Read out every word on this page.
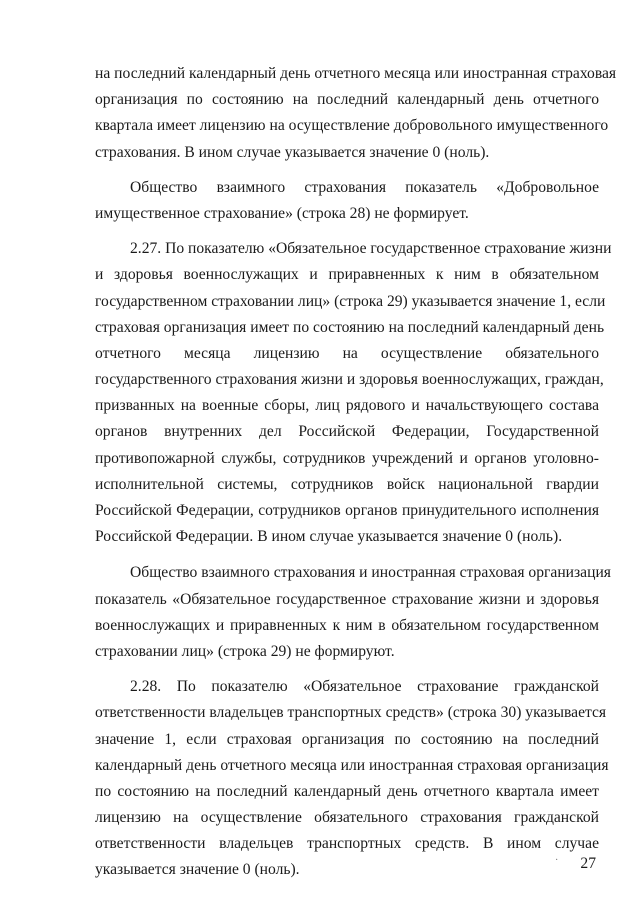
на последний календарный день отчетного месяца или иностранная страховая
организация по состоянию на последний календарный день отчетного
квартала имеет лицензию на осуществление добровольного имущественного
страхования. В ином случае указывается значение 0 (ноль).
Общество взаимного страхования показатель «Добровольное
имущественное страхование» (строка 28) не формирует.
2.27. По показателю «Обязательное государственное страхование жизни
и здоровья военнослужащих и приравненных к ним в обязательном
государственном страховании лиц» (строка 29) указывается значение 1, если
страховая организация имеет по состоянию на последний календарный день
отчетного месяца лицензию на осуществление обязательного
государственного страхования жизни и здоровья военнослужащих, граждан,
призванных на военные сборы, лиц рядового и начальствующего состава
органов внутренних дел Российской Федерации, Государственной
противопожарной службы, сотрудников учреждений и органов уголовно-
исполнительной системы, сотрудников войск национальной гвардии
Российской Федерации, сотрудников органов принудительного исполнения
Российской Федерации. В ином случае указывается значение 0 (ноль).
Общество взаимного страхования и иностранная страховая организация
показатель «Обязательное государственное страхование жизни и здоровья
военнослужащих и приравненных к ним в обязательном государственном
страховании лиц» (строка 29) не формируют.
2.28. По показателю «Обязательное страхование гражданской
ответственности владельцев транспортных средств» (строка 30) указывается
значение 1, если страховая организация по состоянию на последний
календарный день отчетного месяца или иностранная страховая организация
по состоянию на последний календарный день отчетного квартала имеет
лицензию на осуществление обязательного страхования гражданской
ответственности владельцев транспортных средств. В ином случае
указывается значение 0 (ноль).
· 27
